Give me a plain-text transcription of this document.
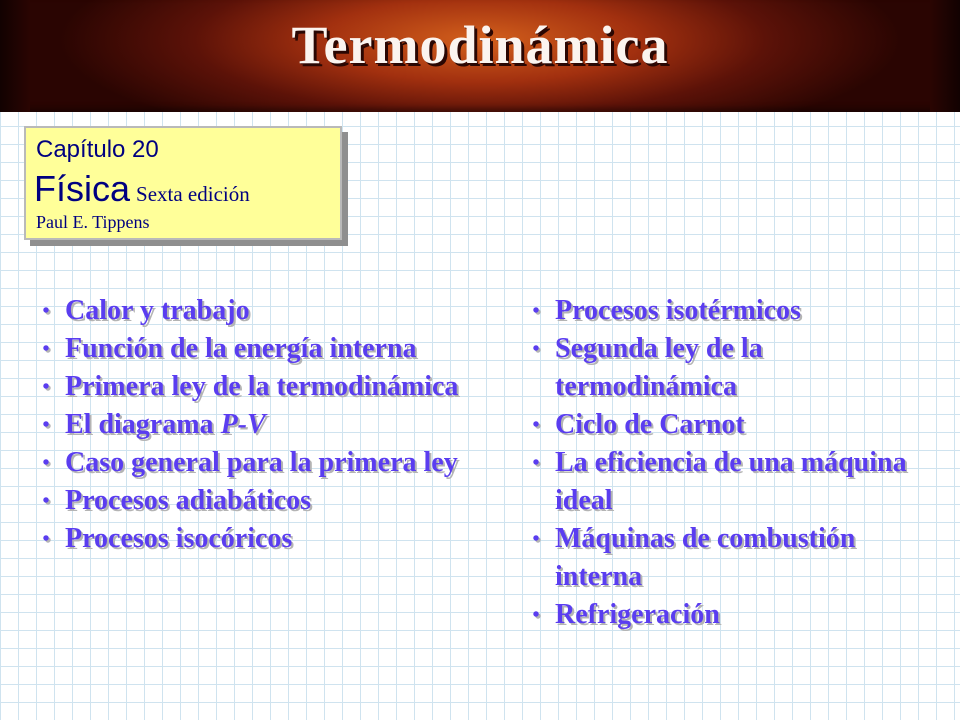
Termodinámica
Capítulo 20
Física Sexta edición
Paul E. Tippens
• Calor y trabajo
• Función de la energía interna
• Primera ley de la termodinámica
• El diagrama P-V
• Caso general para la primera ley
• Procesos adiabáticos
• Procesos isocóricos
• Procesos isotérmicos
• Segunda ley de la termodinámica
• Ciclo de Carnot
• La eficiencia de una máquina ideal
• Máquinas de combustión interna
• Refrigeración
